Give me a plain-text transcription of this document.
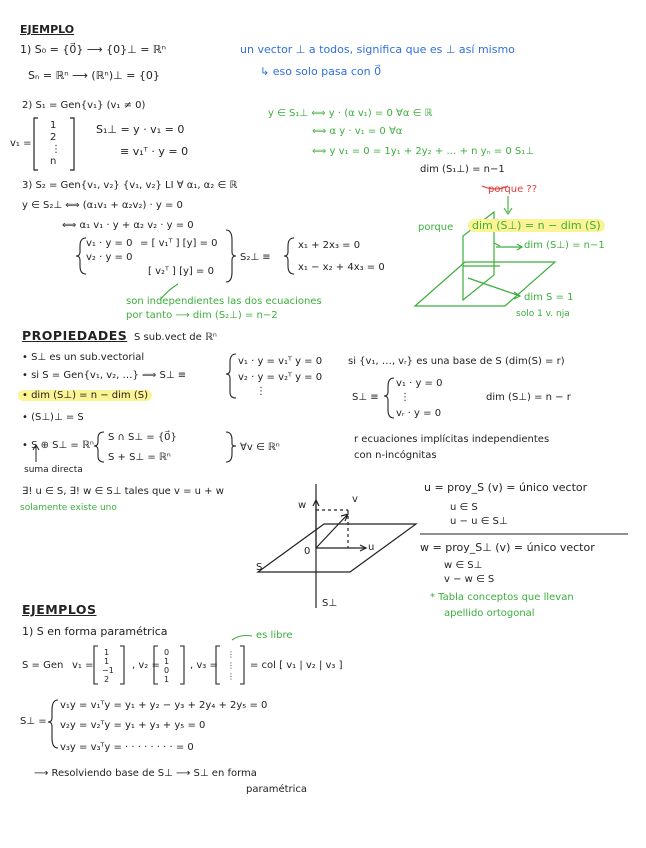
EJEMPLO
1) S₀ = {0⃗} ⟶ {0}⊥ = ℝⁿ
Sₙ = ℝⁿ ⟶ (ℝⁿ)⊥ = {0}
un vector ⊥ a todos, significa que es ⊥ así mismo
↳ eso solo pasa con 0⃗
2) S₁ = Gen{v₁} (v₁ ≠ 0)
v₁ =
1
2
⋮
n
S₁⊥ = y · v₁ = 0
≡ v₁ᵀ · y = 0
y ∈ S₁⊥ ⟺ y · (α v₁) = 0 ∀α ∈ ℝ
⟺ α y · v₁ = 0 ∀α
⟺ y v₁ = 0 = 1y₁ + 2y₂ + … + n yₙ = 0 S₁⊥
dim (S₁⊥) = n−1
porque ??
3) S₂ = Gen{v₁, v₂} {v₁, v₂} LI ∀ α₁, α₂ ∈ ℝ
y ∈ S₂⊥ ⟺ (α₁v₁ + α₂v₂) · y = 0
⟺ α₁ v₁ · y + α₂ v₂ · y = 0
v₁ · y = 0
v₂ · y = 0
= [ v₁ᵀ ] [y] = 0
[ v₂ᵀ ] [y] = 0
S₂⊥ ≡
x₁ + 2x₃ = 0
x₁ − x₂ + 4x₃ = 0
son independientes las dos ecuaciones
por tanto ⟶ dim (S₂⊥) = n−2
porque	dim (S⊥) = n − dim (S)
dim (S⊥) = n−1
dim S = 1
solo 1 v. nja
PROPIEDADES S sub.vect de ℝⁿ
• S⊥ es un sub.vectorial
• si S = Gen{v₁, v₂, …} ⟹ S⊥ ≡
v₁ · y = v₁ᵀ y = 0
v₂ · y = v₂ᵀ y = 0
⋮
• dim (S⊥) = n − dim (S)
• (S⊥)⊥ = S
• S ⊕ S⊥ = ℝⁿ
S ∩ S⊥ = {0⃗}
S + S⊥ = ℝⁿ
∀v ∈ ℝⁿ
suma directa
∃! u ∈ S, ∃! w ∈ S⊥ tales que v = u + w
solamente existe uno
si {v₁, …, vᵣ} es una base de S (dim(S) = r)
S⊥ ≡
v₁ · y = 0
⋮
vᵣ · y = 0
dim (S⊥) = n − r
r ecuaciones implícitas independientes
con n-incógnitas
u = proy_S (v) = único vector
u ∈ S
u − u ∈ S⊥
w = proy_S⊥ (v) = único vector
w ∈ S⊥
v − w ∈ S
* Tabla conceptos que llevan
apellido ortogonal
w
v
0	u
S
S⊥
EJEMPLOS
1) S en forma paramétrica	es libre
S = Gen v₁ =
1
1
−1
2
, v₂ =
0
1
0
1
, v₃ =
⋮
⋮
⋮
= col [ v₁ | v₂ | v₃ ]
S⊥ =
v₁y = v₁ᵀy = y₁ + y₂ − y₃ + 2y₄ + 2y₅ = 0
v₂y = v₂ᵀy = y₁ + y₃ + y₅ = 0
v₃y = v₃ᵀy = · · · · · · · · = 0
⟶ Resolviendo base de S⊥ ⟶ S⊥ en forma
paramétrica
